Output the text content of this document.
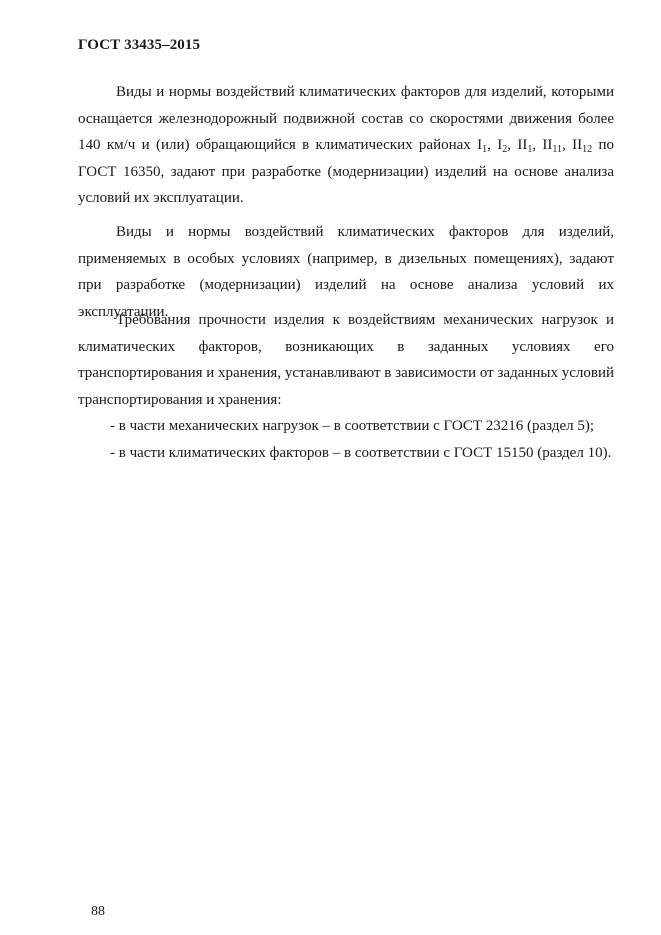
ГОСТ 33435–2015

Виды и нормы воздействий климатических факторов для изделий, которыми оснащается железнодорожный подвижной состав со скоростями движения более 140 км/ч и (или) обращающийся в климатических районах $I_1$, $I_2$, $II_1$, $II_{11}$, $II_{12}$ по ГОСТ 16350, задают при разработке (модернизации) изделий на основе анализа условий их эксплуатации.

Виды и нормы воздействий климатических факторов для изделий, применяемых в особых условиях (например, в дизельных помещениях), задают при разработке (модернизации) изделий на основе анализа условий их эксплуатации.

Требования прочности изделия к воздействиям механических нагрузок и климатических факторов, возникающих в заданных условиях его транспортирования и хранения, устанавливают в зависимости от заданных условий транспортирования и хранения:

- в части механических нагрузок – в соответствии с ГОСТ 23216 (раздел 5);

- в части климатических факторов – в соответствии с ГОСТ 15150 (раздел 10).

88
